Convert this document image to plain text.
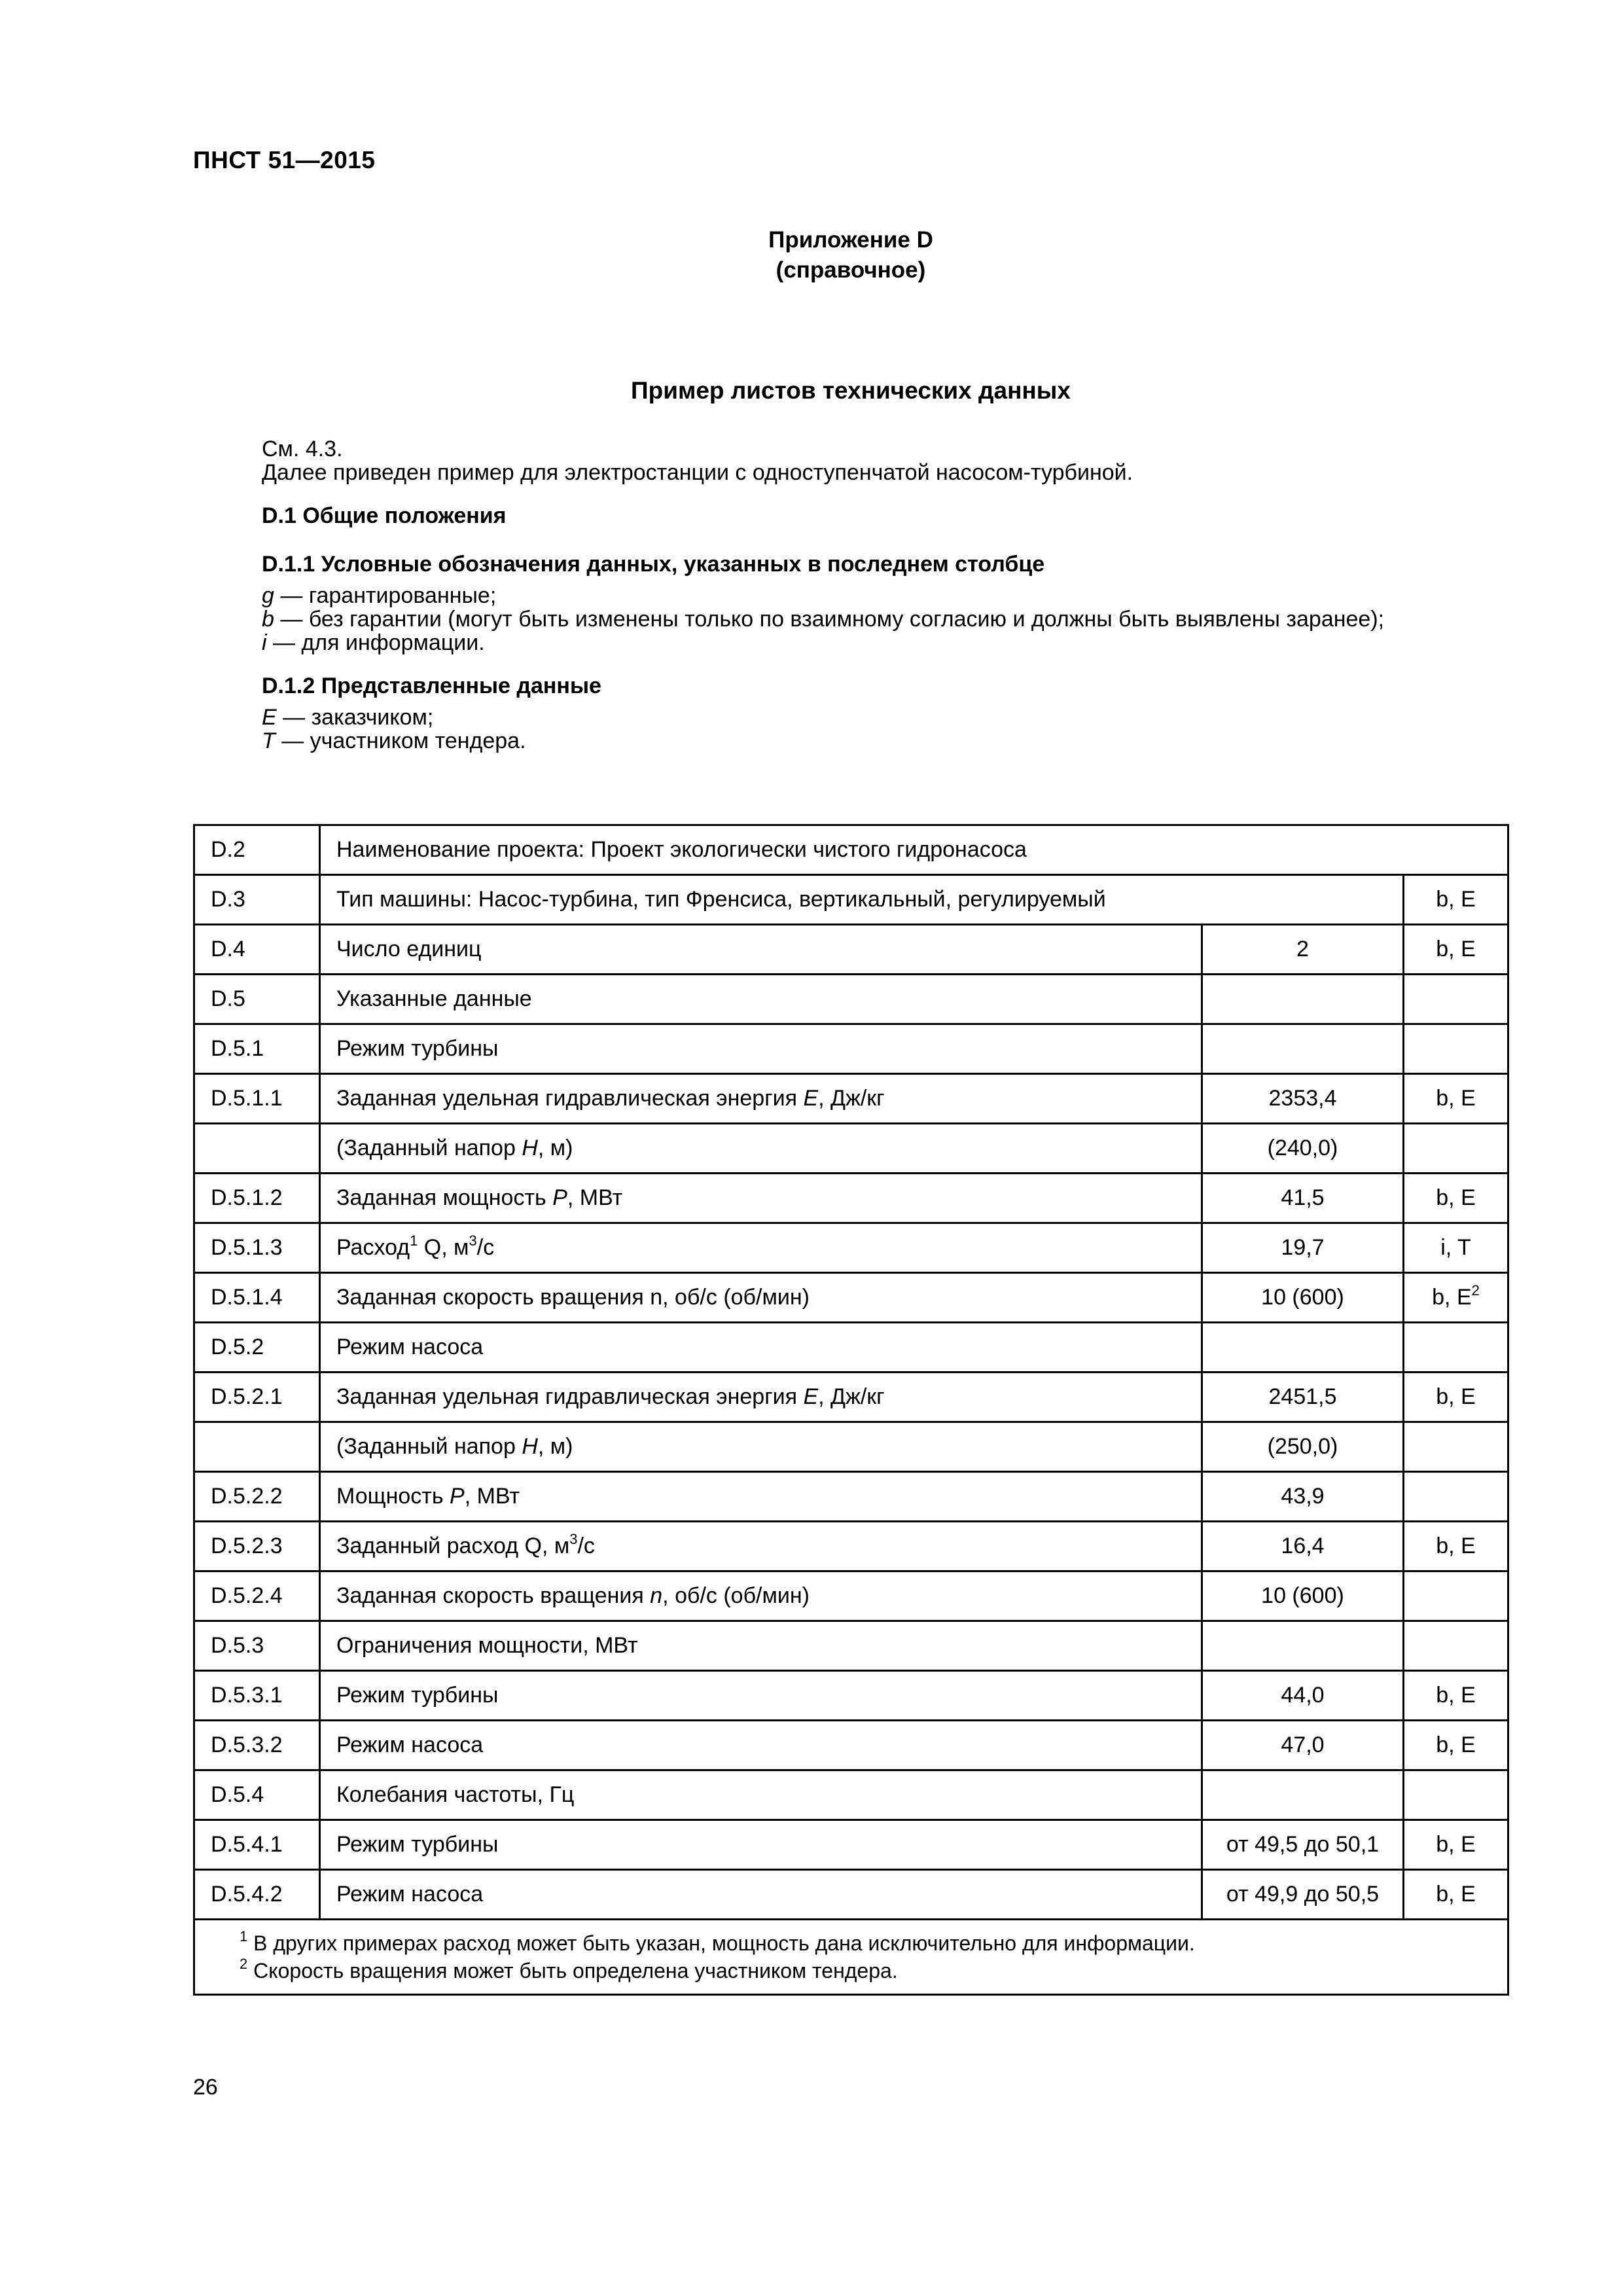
ПНСТ 51—2015
Приложение D
(справочное)
Пример листов технических данных

См. 4.3.

Далее приведен пример для электростанции с одноступенчатой насосом-турбиной.

D.1 Общие положения

D.1.1 Условные обозначения данных, указанных в последнем столбце

g — гарантированные;

b — без гарантии (могут быть изменены только по взаимному согласию и должны быть выявлены заранее);

i — для информации.

D.1.2 Представленные данные

E — заказчиком;

T — участником тендера.

D.2	Наименование проекта: Проект экологически чистого гидронасоса		
D.3	Тип машины: Насос-турбина, тип Френсиса, вертикальный, регулируемый		b, E
D.4	Число единиц	2	b, E
D.5	Указанные данные		
D.5.1	Режим турбины		
D.5.1.1	Заданная удельная гидравлическая энергия E, Дж/кг	2353,4	b, E
	(Заданный напор H, м)	(240,0)	
D.5.1.2	Заданная мощность P, МВт	41,5	b, E
D.5.1.3	Расход$^1$ Q, $м^3/с$	19,7	i, T
D.5.1.4	Заданная скорость вращения n, об/с (об/мин)	10 (600)	b, $E^2$
D.5.2	Режим насоса		
D.5.2.1	Заданная удельная гидравлическая энергия E, Дж/кг	2451,5	b, E
	(Заданный напор H, м)	(250,0)	
D.5.2.2	Мощность P, МВт	43,9	
D.5.2.3	Заданный расход Q, $м^3/с$	16,4	b, E
D.5.2.4	Заданная скорость вращения n, об/с (об/мин)	10 (600)	
D.5.3	Ограничения мощности, МВт		
D.5.3.1	Режим турбины	44,0	b, E
D.5.3.2	Режим насоса	47,0	b, E
D.5.4	Колебания частоты, Гц		
D.5.4.1	Режим турбины	от 49,5 до 50,1	b, E
D.5.4.2	Режим насоса	от 49,9 до 50,5	b, E

$^1$ В других примерах расход может быть указан, мощность дана исключительно для информации.
$^2$ Скорость вращения может быть определена участником тендера.			
26
